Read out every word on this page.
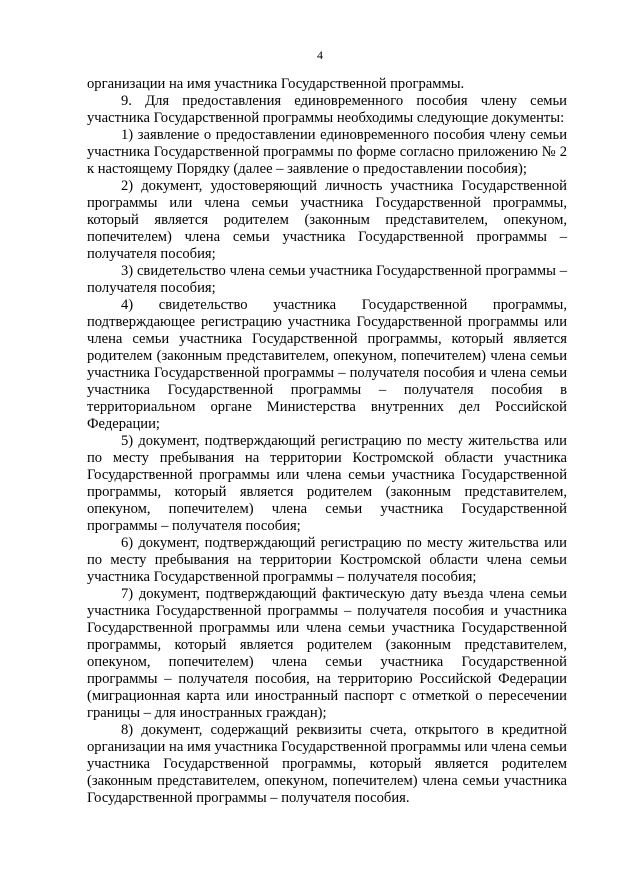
4

организации на имя участника Государственной программы.

9. Для предоставления единовременного пособия члену семьи участника Государственной программы необходимы следующие документы:

1) заявление о предоставлении единовременного пособия члену семьи участника Государственной программы по форме согласно приложению № 2 к настоящему Порядку (далее – заявление о предоставлении пособия);

2) документ, удостоверяющий личность участника Государственной программы или члена семьи участника Государственной программы, который является родителем (законным представителем, опекуном, попечителем) члена семьи участника Государственной программы – получателя пособия;

3) свидетельство члена семьи участника Государственной программы – получателя пособия;

4) свидетельство участника Государственной программы, подтверждающее регистрацию участника Государственной программы или члена семьи участника Государственной программы, который является родителем (законным представителем, опекуном, попечителем) члена семьи участника Государственной программы – получателя пособия и члена семьи участника Государственной программы – получателя пособия в территориальном органе Министерства внутренних дел Российской Федерации;

5) документ, подтверждающий регистрацию по месту жительства или по месту пребывания на территории Костромской области участника Государственной программы или члена семьи участника Государственной программы, который является родителем (законным представителем, опекуном, попечителем) члена семьи участника Государственной программы – получателя пособия;

6) документ, подтверждающий регистрацию по месту жительства или по месту пребывания на территории Костромской области члена семьи участника Государственной программы – получателя пособия;

7) документ, подтверждающий фактическую дату въезда члена семьи участника Государственной программы – получателя пособия и участника Государственной программы или члена семьи участника Государственной программы, который является родителем (законным представителем, опекуном, попечителем) члена семьи участника Государственной программы – получателя пособия, на территорию Российской Федерации (миграционная карта или иностранный паспорт с отметкой о пересечении границы – для иностранных граждан);

8) документ, содержащий реквизиты счета, открытого в кредитной организации на имя участника Государственной программы или члена семьи участника Государственной программы, который является родителем (законным представителем, опекуном, попечителем) члена семьи участника Государственной программы – получателя пособия.
